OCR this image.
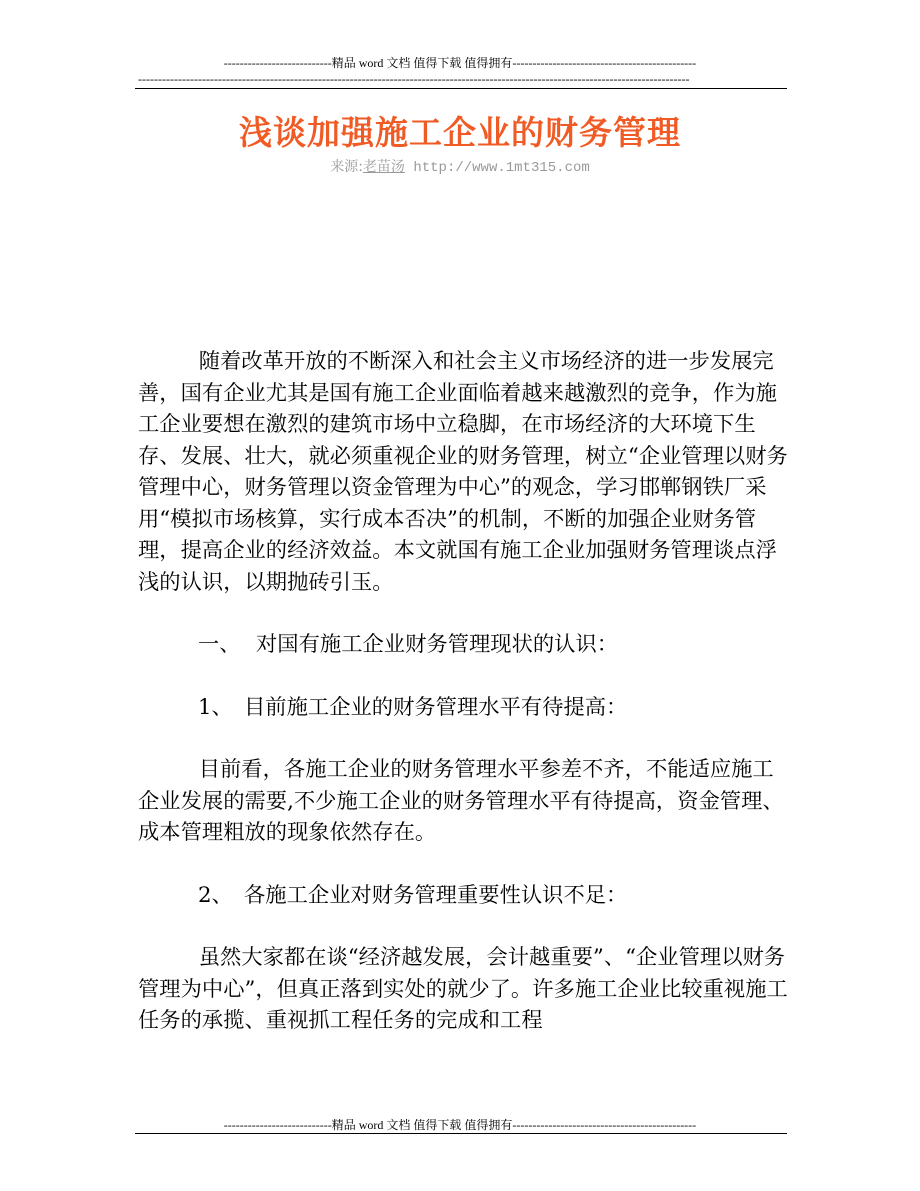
---------------------------精品 word 文档 值得下载 值得拥有----------------------------------------------
------------------------------------------------------------------------------------------------------------------------------------------
浅谈加强施工企业的财务管理
来源:老苗汤 http://www.1mt315.com

随着改革开放的不断深入和社会主义市场经济的进一步发展完善，国有企业尤其是国有施工企业面临着越来越激烈的竞争，作为施工企业要想在激烈的建筑市场中立稳脚，在市场经济的大环境下生存、发展、壮大，就必须重视企业的财务管理，树立“企业管理以财务管理中心，财务管理以资金管理为中心”的观念，学习邯郸钢铁厂采用“模拟市场核算，实行成本否决”的机制，不断的加强企业财务管理，提高企业的经济效益。本文就国有施工企业加强财务管理谈点浮浅的认识，以期抛砖引玉。

一、 对国有施工企业财务管理现状的认识：

1、 目前施工企业的财务管理水平有待提高：

目前看，各施工企业的财务管理水平参差不齐，不能适应施工企业发展的需要,不少施工企业的财务管理水平有待提高，资金管理、成本管理粗放的现象依然存在。

2、 各施工企业对财务管理重要性认识不足：

虽然大家都在谈“经济越发展，会计越重要”、“企业管理以财务管理为中心”，但真正落到实处的就少了。许多施工企业比较重视施工任务的承揽、重视抓工程任务的完成和工程

---------------------------精品 word 文档 值得下载 值得拥有----------------------------------------------
